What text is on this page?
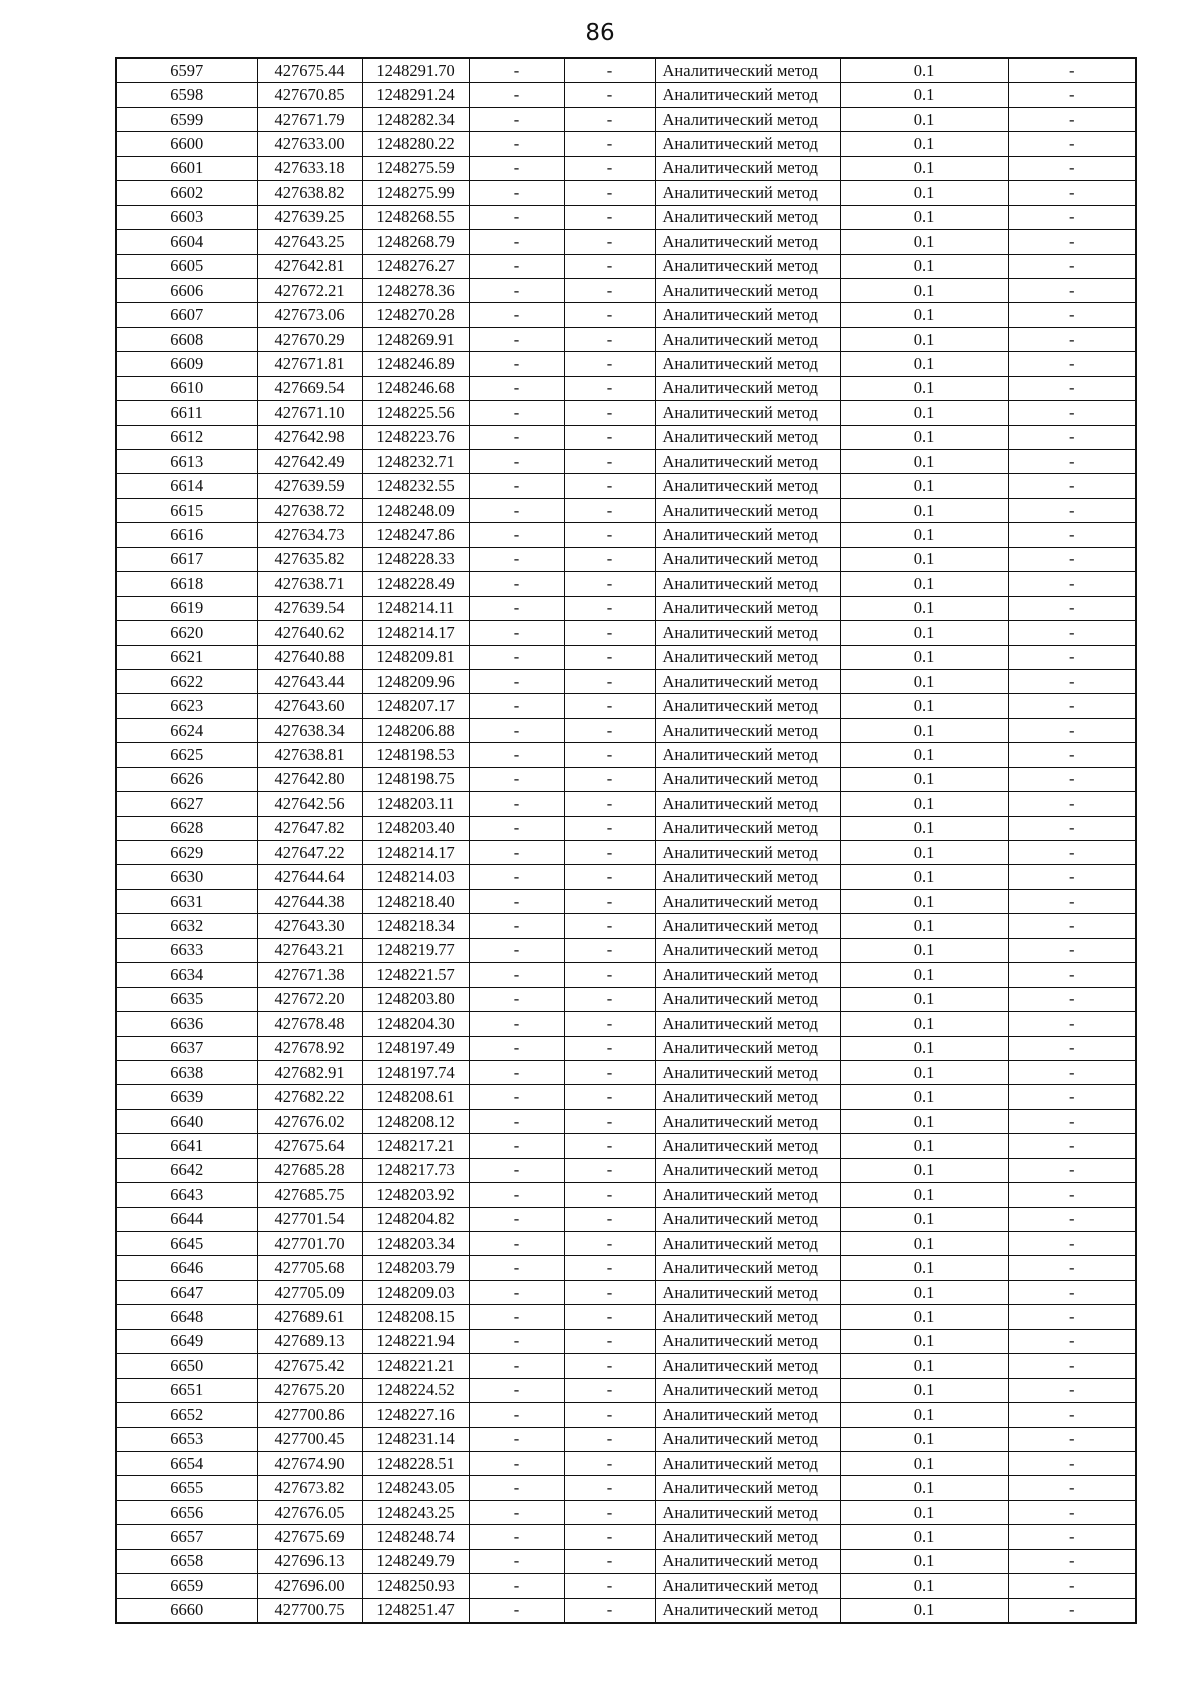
86
6597	427675.44	1248291.70	-	-	Аналитический метод	0.1	-
6598	427670.85	1248291.24	-	-	Аналитический метод	0.1	-
6599	427671.79	1248282.34	-	-	Аналитический метод	0.1	-
6600	427633.00	1248280.22	-	-	Аналитический метод	0.1	-
6601	427633.18	1248275.59	-	-	Аналитический метод	0.1	-
6602	427638.82	1248275.99	-	-	Аналитический метод	0.1	-
6603	427639.25	1248268.55	-	-	Аналитический метод	0.1	-
6604	427643.25	1248268.79	-	-	Аналитический метод	0.1	-
6605	427642.81	1248276.27	-	-	Аналитический метод	0.1	-
6606	427672.21	1248278.36	-	-	Аналитический метод	0.1	-
6607	427673.06	1248270.28	-	-	Аналитический метод	0.1	-
6608	427670.29	1248269.91	-	-	Аналитический метод	0.1	-
6609	427671.81	1248246.89	-	-	Аналитический метод	0.1	-
6610	427669.54	1248246.68	-	-	Аналитический метод	0.1	-
6611	427671.10	1248225.56	-	-	Аналитический метод	0.1	-
6612	427642.98	1248223.76	-	-	Аналитический метод	0.1	-
6613	427642.49	1248232.71	-	-	Аналитический метод	0.1	-
6614	427639.59	1248232.55	-	-	Аналитический метод	0.1	-
6615	427638.72	1248248.09	-	-	Аналитический метод	0.1	-
6616	427634.73	1248247.86	-	-	Аналитический метод	0.1	-
6617	427635.82	1248228.33	-	-	Аналитический метод	0.1	-
6618	427638.71	1248228.49	-	-	Аналитический метод	0.1	-
6619	427639.54	1248214.11	-	-	Аналитический метод	0.1	-
6620	427640.62	1248214.17	-	-	Аналитический метод	0.1	-
6621	427640.88	1248209.81	-	-	Аналитический метод	0.1	-
6622	427643.44	1248209.96	-	-	Аналитический метод	0.1	-
6623	427643.60	1248207.17	-	-	Аналитический метод	0.1	-
6624	427638.34	1248206.88	-	-	Аналитический метод	0.1	-
6625	427638.81	1248198.53	-	-	Аналитический метод	0.1	-
6626	427642.80	1248198.75	-	-	Аналитический метод	0.1	-
6627	427642.56	1248203.11	-	-	Аналитический метод	0.1	-
6628	427647.82	1248203.40	-	-	Аналитический метод	0.1	-
6629	427647.22	1248214.17	-	-	Аналитический метод	0.1	-
6630	427644.64	1248214.03	-	-	Аналитический метод	0.1	-
6631	427644.38	1248218.40	-	-	Аналитический метод	0.1	-
6632	427643.30	1248218.34	-	-	Аналитический метод	0.1	-
6633	427643.21	1248219.77	-	-	Аналитический метод	0.1	-
6634	427671.38	1248221.57	-	-	Аналитический метод	0.1	-
6635	427672.20	1248203.80	-	-	Аналитический метод	0.1	-
6636	427678.48	1248204.30	-	-	Аналитический метод	0.1	-
6637	427678.92	1248197.49	-	-	Аналитический метод	0.1	-
6638	427682.91	1248197.74	-	-	Аналитический метод	0.1	-
6639	427682.22	1248208.61	-	-	Аналитический метод	0.1	-
6640	427676.02	1248208.12	-	-	Аналитический метод	0.1	-
6641	427675.64	1248217.21	-	-	Аналитический метод	0.1	-
6642	427685.28	1248217.73	-	-	Аналитический метод	0.1	-
6643	427685.75	1248203.92	-	-	Аналитический метод	0.1	-
6644	427701.54	1248204.82	-	-	Аналитический метод	0.1	-
6645	427701.70	1248203.34	-	-	Аналитический метод	0.1	-
6646	427705.68	1248203.79	-	-	Аналитический метод	0.1	-
6647	427705.09	1248209.03	-	-	Аналитический метод	0.1	-
6648	427689.61	1248208.15	-	-	Аналитический метод	0.1	-
6649	427689.13	1248221.94	-	-	Аналитический метод	0.1	-
6650	427675.42	1248221.21	-	-	Аналитический метод	0.1	-
6651	427675.20	1248224.52	-	-	Аналитический метод	0.1	-
6652	427700.86	1248227.16	-	-	Аналитический метод	0.1	-
6653	427700.45	1248231.14	-	-	Аналитический метод	0.1	-
6654	427674.90	1248228.51	-	-	Аналитический метод	0.1	-
6655	427673.82	1248243.05	-	-	Аналитический метод	0.1	-
6656	427676.05	1248243.25	-	-	Аналитический метод	0.1	-
6657	427675.69	1248248.74	-	-	Аналитический метод	0.1	-
6658	427696.13	1248249.79	-	-	Аналитический метод	0.1	-
6659	427696.00	1248250.93	-	-	Аналитический метод	0.1	-
6660	427700.75	1248251.47	-	-	Аналитический метод	0.1	-
